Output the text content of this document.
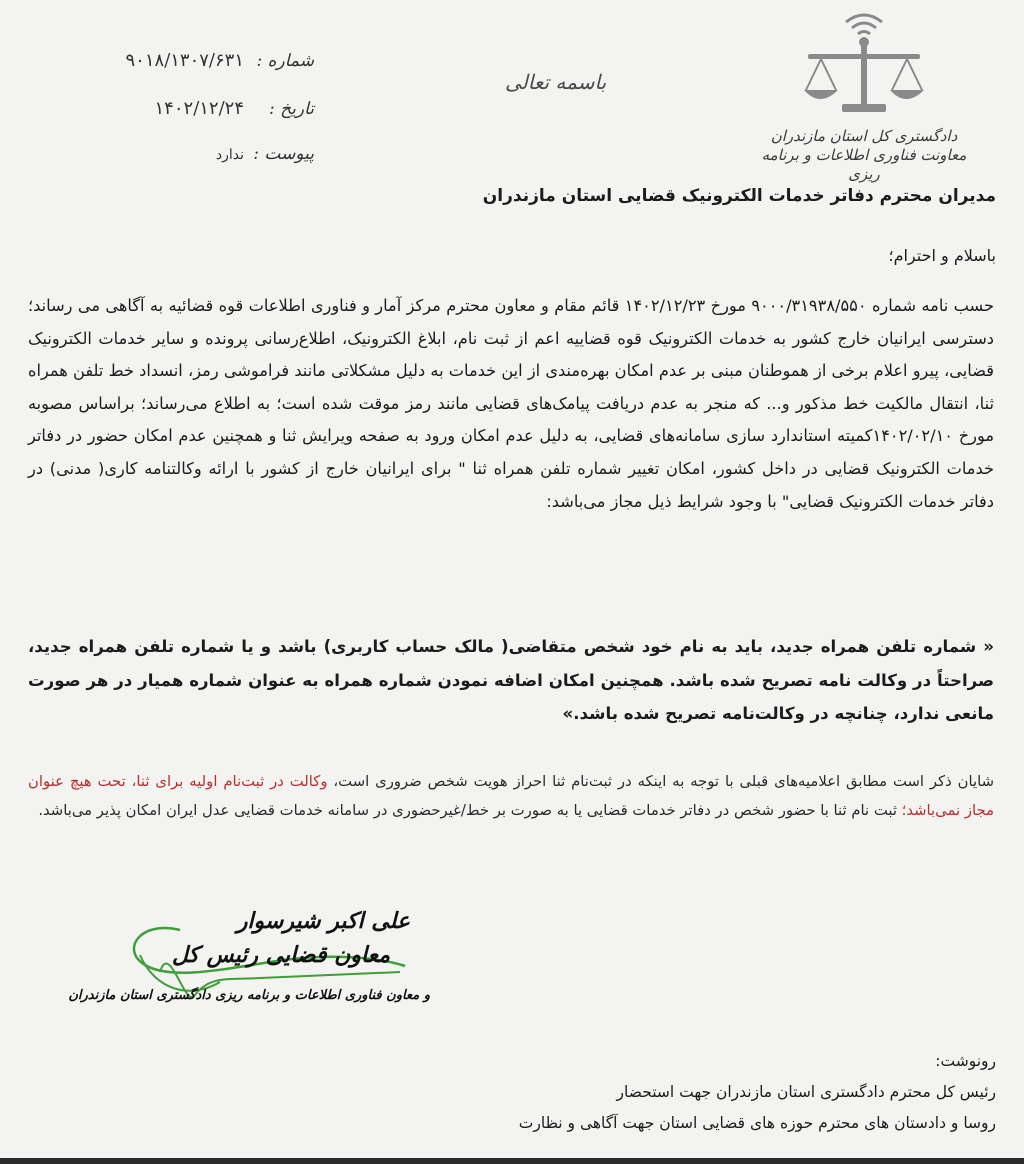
دادگستری کل استان مازندران
معاونت فناوری اطلاعات و برنامه ریزی
باسمه تعالی
شماره :
۹۰۱۸/۱۳۰۷/۶۳۱
تاریخ :
۱۴۰۲/۱۲/۲۴
پیوست :
ندارد
مدیران محترم دفاتر خدمات الکترونیک قضایی استان مازندران
باسلام و احترام؛
حسب نامه شماره ۹۰۰۰/۳۱۹۳۸/۵۵۰ مورخ ۱۴۰۲/۱۲/۲۳ قائم مقام و معاون محترم مرکز آمار و فناوری اطلاعات قوه قضائیه به آگاهی می رساند؛ دسترسی ایرانیان خارج کشور به خدمات الکترونیک قوه قضاییه اعم از ثبت نام، ابلاغ الکترونیک، اطلاع‌رسانی پرونده و سایر خدمات الکترونیک قضایی، پیرو اعلام برخی از هموطنان مبنی بر عدم امکان بهره‌مندی از این خدمات به دلیل مشکلاتی مانند فراموشی رمز، انسداد خط تلفن همراه ثنا، انتقال مالکیت خط مذکور و... که منجر به عدم دریافت پیامک‌های قضایی مانند رمز موقت شده است؛ به اطلاع می‌رساند؛ براساس مصوبه مورخ ۱۴۰۲/۰۲/۱۰کمیته استاندارد سازی سامانه‌های قضایی، به دلیل عدم امکان ورود به صفحه ویرایش ثنا و همچنین عدم امکان حضور در دفاتر خدمات الکترونیک قضایی در داخل کشور، امکان تغییر شماره تلفن همراه ثنا " برای ایرانیان خارج از کشور با ارائه وکالتنامه کاری( مدنی) در دفاتر خدمات الکترونیک قضایی" با وجود شرایط ذیل مجاز می‌باشد:
« شماره تلفن همراه جدید، باید به نام خود شخص متقاضی( مالک حساب کاربری) باشد و یا شماره تلفن همراه جدید، صراحتاً در وکالت نامه تصریح شده باشد. همچنین امکان اضافه نمودن شماره همراه به عنوان شماره همیار در هر صورت مانعی ندارد، چنانچه در وکالت‌نامه تصریح شده باشد.»
شایان ذکر است مطابق اعلامیه‌های قبلی با توجه به اینکه در ثبت‌نام ثنا احراز هویت شخص ضروری است، وکالت در ثبت‌نام اولیه برای ثنا، تحت هیچ عنوان مجاز نمی‌باشد؛ ثبت نام ثنا با حضور شخص در دفاتر خدمات قضایی یا به صورت بر خط/غیرحضوری در سامانه خدمات قضایی عدل ایران امکان پذیر می‌باشد.
علی اکبر شیرسوار
معاون قضایی رئیس کل
و معاون فناوری اطلاعات و برنامه ریزی دادگستری استان مازندران
رونوشت:
رئیس کل محترم دادگستری استان مازندران جهت استحضار
روسا و دادستان های محترم حوزه های قضایی استان جهت آگاهی و نظارت
